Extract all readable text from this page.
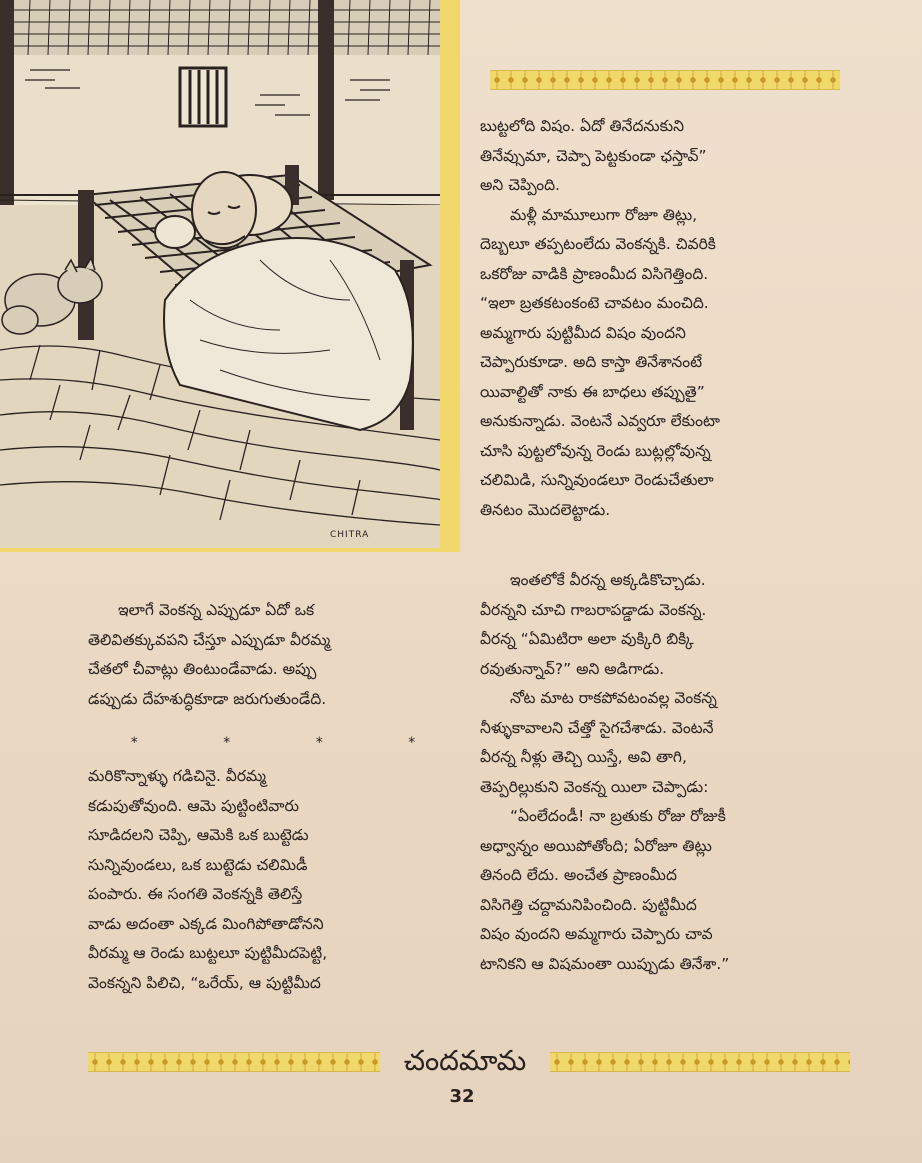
CHITRA

బుట్టలోది విషం. ఏదో తినేదనుకుని

తినేవ్సుమా, చెప్పా పెట్టకుండా ఛస్తావ్”

అని చెప్పింది.

మళ్లీ మామూలుగా రోజూ తిట్లు,

దెబ్బలూ తప్పటంలేదు వెంకన్నకి. చివరికి

ఒకరోజు వాడికి ప్రాణంమీద విసిగెత్తింది.

“ఇలా బ్రతకటంకంటె చావటం మంచిది.

అమ్మగారు పుట్టిమీద విషం వుందని

చెప్పారుకూడా. అది కాస్తా తినేశానంటే

యివాల్టితో నాకు ఈ బాధలు తప్పుతై”

అనుకున్నాడు. వెంటనే ఎవ్వరూ లేకుంటా

చూసి పుట్టలోవున్న రెండు బుట్లల్లోవున్న

చలిమిడి, సున్నివుండలూ రెండుచేతులా

తినటం మొదలెట్టాడు.

ఇంతలోకే వీరన్న అక్కడికొచ్చాడు.

వీరన్నని చూచి గాబరాపడ్డాడు వెంకన్న.

వీరన్న “ఏమిటిరా అలా వుక్కిరి బిక్కి

రవుతున్నావ్?” అని అడిగాడు.

నోట మాట రాకపోవటంవల్ల వెంకన్న

నీళ్ళుకావాలని చేత్తో సైగచేశాడు. వెంటనే

వీరన్న నీళ్లు తెచ్చి యిస్తే, అవి తాగి,

తెప్పరిల్లుకుని వెంకన్న యిలా చెప్పాడు:

“ఏంలేదండీ! నా బ్రతుకు రోజు రోజుకీ

అధ్వాన్నం అయిపోతోంది; ఏరోజూ తిట్లు

తినంది లేదు. అంచేత ప్రాణంమీద

విసిగెత్తి చద్దామనిపించింది. పుట్టిమీద

విషం వుందని అమ్మగారు చెప్పారు చావ

టానికని ఆ విషమంతా యిప్పుడు తినేశా.”

ఇలాగే వెంకన్న ఎప్పుడూ ఏదో ఒక

తెలివితక్కువపని చేస్తూ ఎప్పుడూ వీరమ్మ

చేతలో చీవాట్లు తింటుండేవాడు. అప్పు

డప్పుడు దేహశుద్ధికూడా జరుగుతుండేది.

*	*	*	*

మరికొన్నాళ్ళు గడిచినై. వీరమ్మ

కడుపుతోవుంది. ఆమె పుట్టింటివారు

సూడిదలని చెప్పి, ఆమెకి ఒక బుట్టెడు

సున్నివుండలు, ఒక బుట్టెడు చలిమిడీ

పంపారు. ఈ సంగతి వెంకన్నకి తెలిస్తే

వాడు అదంతా ఎక్కడ మింగిపోతాడోనని

వీరమ్మ ఆ రెండు బుట్టలూ పుట్టిమీదపెట్టి,

వెంకన్నని పిలిచి, “ఒరేయ్, ఆ పుట్టిమీద

చందమామ
32
